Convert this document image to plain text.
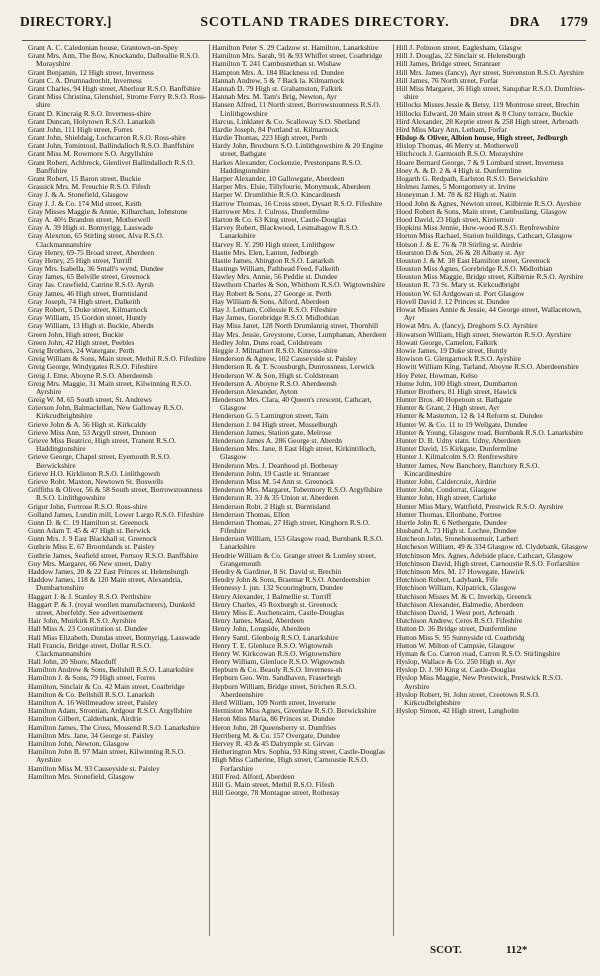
DIRECTORY.]	SCOTLAND TRADES DIRECTORY.	DRA 1779

Grant A. C. Caledonian house, Grantown-on-Spey

Grant Mrs. Ann, The Bow, Knockando, Dalbeallie R.S.O. Morayshire

Grant Benjamin, 12 High street, Inverness

Grant C. A. Drumnadrochit, Inverness

Grant Charles, 94 High street, Aberlour R.S.O. Banffshire

Grant Miss Christina, Glenshiel, Strome Ferry R.S.O. Ross-shire

Grant D. Kincraig R.S.O. Inverness-shire

Grant Duncan, Holytown R.S.O. Lanarksh

Grant John, 111 High street, Forres

Grant John, Shieldaig, Lochcarron R.S.O. Ross-shire

Grant John, Tomintoul, Ballindalloch R.S.O. Banffshire

Grant Miss M. Rowmore S.O. Argyllshire

Grant Robert, Achbreck, Glenlivet Ballindalloch R.S.O. Banffshire

Grant Robert, 15 Baron street, Buckie

Grassick Mrs. M. Freuchie R.S.O. Fifesh

Gray J. & A. Stonefield, Glasgow

Gray J. J. & Co. 174 Mid street, Keith

Gray Misses Maggie & Annie, Kilbarchan, Johnstone

Gray A. 40½ Brandon street, Motherwell

Gray A. 39 High st. Bonnyrigg, Lasswade

Gray Alexrton, 65 Stirling street, Alva R.S.O. Clackmannanshire

Gray Henry, 69-75 Broad street, Aberdeen

Gray Henry, 25 High street, Turriff

Gray Mrs. Isabella, 36 Small's wynd, Dundee

Gray James, 65 Belville street, Greenock

Gray Jas. Crawfield, Catrine R.S.O. Ayrsh

Gray James, 46 High street, Burntisland

Gray Joseph, 74 High street, Dalkeith

Gray Robert, 5 Duke street, Kilmarnock

Gray William, 15 Gordon street, Huntly

Gray William, 13 High st. Buckie, Aberdn

Green John, High street, Buckie

Green John, 42 High street, Peebles

Greig Brothers, 24 Watergate, Perth

Greig William & Sons, Main street, Methil R.S.O. Fifeshire

Greig George, Windygates R.S.O. Fifeshire

Greig J. Etne, Aboyne R.S.O. Aberdeensh

Greig Mrs. Maggie, 31 Main street, Kilwinning R.S.O. Ayrshire

Greig W. M. 65 South street, St. Andrews

Grierson John, Balmaclellan, New Galloway R.S.O. Kirkcudbrightshire

Grieve John & A. 56 High st. Kirkcaldy

Grieve Miss Ann, 53 Argyll street, Dunoon

Grieve Miss Beatrice, High street, Tranent R.S.O. Haddingtonshire

Grieve George, Chapel street, Eyemouth R.S.O. Berwickshire

Grieve H.O. Kirkliston R.S.O. Linlithgowsh

Grieve Robt. Maxton, Newtown St. Boswells

Griffiths & Oliver, 56 & 58 South street, Borrowstounness R.S.O. Linlithgowshire

Grigor John, Fortrose R.S.O. Ross-shire

Golland James, Lundin mill, Lower Largo R.S.O. Fifeshire

Gunn D. & C. 19 Hamilton st. Greenock

Gunn Adam T. 45 & 47 High st. Berwick

Gunn Mrs. J. 9 East Blackhall st. Greenock

Guthrie Miss E. 67 Broomlands st. Paisley

Guthrie James, Seafield street, Portsoy R.S.O. Banffshire

Guy Mrs. Margaret, 66 New street, Dalry

Haddow James, 20 & 22 East Princes st. Helensburgh

Haddow James, 118 & 120 Main street, Alexandria, Dumbartonshire

Haggart J. & J. Stanley R.S.O. Perthshire

Haggart P. & J. (royal woollen manufacturers), Dunkeld street, Aberfeldy. See advertisement

Hair John, Muirkirk R.S.O. Ayrshire

Hall Miss A. 23 Constitution st. Dundee

Hall Miss Elizabeth, Dundas street, Bonnyrigg, Lasswade

Hall Francis, Bridge street, Dollar R.S.O. Clackmannanshire

Hall John, 20 Shore, Macduff

Hamilton Andrew & Sons, Bellshill R.S.O. Lanarkshire

Hamilton J. & Sons, 79 High street, Forres

Hamilton, Sinclair & Co. 42 Main street, Coatbridge

Hamilton & Co. Bellshill R.S.O. Lanarksh

Hamilton A. 16 Wellmeadow street, Paisley

Hamilton Adam, Strontian, Ardgour R.S.O. Argyllshire

Hamilton Gilbert, Calderbank, Airdrie

Hamilton James, The Cross, Mossend R.S.O. Lanarkshire

Hamilton Mrs. Jane, 34 George st. Paisley

Hamilton John, Newton, Glasgow

Hamilton John B. 97 Main street, Kilwinning R.S.O. Ayrshire

Hamilton Miss M. 93 Causeyside st. Paisley

Hamilton Mrs. Stonefield, Glasgow

Hamilton Peter S. 29 Cadzow st. Hamilton, Lanarkshire

Hamilton Mrs. Sarah, 91 & 93 Whiffet street, Coatbridge

Hamilton T. 241 Cambusnethan st. Wishaw

Hampton Mrs. A. 184 Blackness rd. Dundee

Hannah Andrew, 5 & 7 Back la. Kilmarnock

Hannah D. 79 High st. Grahamston, Falkirk

Hannah Mrs. M. Tam's Brig, Newton, Ayr

Hansen Alfred, 11 North street, Borrowstounness R.S.O. Linlithgowshire

Harcus, Linklater & Co. Scalloway S.O. Shetland

Hardie Joseph, 84 Portland st. Kilmarnock

Hardie Thomas, 223 High street, Perth

Hardy John, Broxburn S.O. Linlithgowshire & 20 Engine street, Bathgate

Harkes Alexander, Cockenzie, Prestonpans R.S.O. Haddingtonshire

Harper Alexander, 10 Gallowgate, Aberdeen

Harper Mrs. Elsie, Tillyfourie, Monymusk, Aberdeen

Harper W. Drumlithie R.S.O. Kincardinesh

Harrow Thomas, 16 Cross street, Dysart R.S.O. Fifeshire

Harrower Mrs. J. Culross, Dunfermline

Harton & Co. 63 King street, Castle-Douglas

Harvey Robert, Blackwood, Lesmahagow R.S.O. Lanarkshire

Harvey R. Y. 290 High street, Linlithgow

Hastie Mrs. Elen, Lanton, Jedburgh

Hastie James, Abington R.S.O. Lanarksh

Hastings William, Pathhead Feed, Falkeith

Hawley Mrs. Annie, 56 Peddie st. Dundee

Hawthorn Charles & Son, Whithorn R.S.O. Wigtownshire

Hay Robert & Sons, 27 George st. Perth

Hay William & Sons, Alford, Aberdeen

Hay J. Letham, Collessie R.S.O. Fifeshire

Hay James, Gorebridge R.S.O. Midlothian

Hay Miss Janet, 128 North Drumlanrig street, Thornhill

Hay Mrs. Jessie, Greystone, Corse, Lumphanan, Aberdeen

Hedley John, Duns road, Coldstream

Heggie J. Milnathort R.S.O. Kinross-shire

Henderson & Agnew, 102 Causeyside st. Paisley

Henderson R. & T. Scousburgh, Dunrossness, Lerwick

Henderson W. & Son, High st. Coldstream

Henderson A. Aboyne R.S.O. Aberdeensh

Henderson Alexander, Ayton

Henderson Mrs. Clara, 40 Queen's crescent, Cathcart, Glasgow

Henderson G. 5 Lamington street, Tain

Henderson J. 84 High street, Musselburgh

Henderson James, Station gate, Melrose

Henderson James A. 286 George st. Aberdn

Henderson Mrs. Jane, 8 East High street, Kirkintilloch, Glasgow

Henderson Mrs. J. Deanhood pl. Bothesay

Henderson John, 19 Castle st. Stranraer

Henderson Miss M. 54 Ann st. Greenock

Henderson Mrs. Margaret, Tobermory R.S.O. Argyllshire

Henderson R. 33 & 35 Union st. Aberdeen

Henderson Robt. 2 High st. Burntisland

Henderson Thomas, Ellon

Henderson Thomas, 27 High street, Kinghorn R.S.O. Fifeshire

Henderson William, 153 Glasgow road, Burnbank R.S.O. Lanarkshire

Hendrie William & Co. Grange street & Lumley street, Grangemouth

Hendry & Gardiner, 8 St. David st. Brechin

Hendry John & Sons, Braemar R.S.O. Aberdeenshire

Hennessy J. jun. 132 Scouringburn, Dundee

Henry Alexander, 1 Balmellie st. Turriff

Henry Charles, 45 Roxburgh st. Greenock

Henry Miss E. Auchencairn, Castle-Douglas

Henry James, Maud, Aberdeen

Henry John, Longside, Aberdeen

Henry Saml. Glenboig R.S.O. Lanarkshire

Henry T. E. Glenluce R.S.O. Wigtownsh

Henry W. Kirkcowan R.S.O. Wigtownshire

Henry William, Glenluce R.S.O. Wigtownsh

Hepburn & Co. Beauly R.S.O. Inverness-sh

Hepburn Geo. Wm. Sandhaven, Fraserbrgh

Hepburn William, Bridge street, Strichen R.S.O. Aberdeenshire

Herd William, 109 North street, Inverurie

Hermiston Miss Agnes, Greenlaw R.S.O. Berwickshire

Heron Miss Maria, 86 Princes st. Dundee

Heron John, 28 Queensberry st. Dumfries

Herriberg M. & Co. 157 Overgate, Dundee

Hervey R. 43 & 45 Dalrymple st. Girvan

Hetherington Mrs. Sophia, 93 King street, Castle-Douglas

High Miss Catherine, High street, Carnoustie R.S.O. Forfarshire

Hill Fred. Alford, Aberdeen

Hill G. Main street, Methil R.S.O. Fifesh

Hill George, 78 Montague street, Rothesay

Hill J. Polnoon street, Eaglesham, Glasgw

Hill J. Douglas, 22 Sinclair st. Helensburgh

Hill James, Bridge street, Stranraer

Hill Mrs. James (fancy), Ayr street, Stevenston R.S.O. Ayrshire

Hill James, 76 North street, Forfar

Hill Miss Margaret, 36 High street, Sanquhar R.S.O. Dumfries-shire

Hillocks Misses Jessie & Betsy, 119 Montrose street, Brechin

Hillocks Edward, 20 Main street & 8 Cluny terrace, Buckie

Hird Alexander, 28 Keptie street & 258 High street, Arbroath

Hird Miss Mary Ann, Letham, Forfar

Hislop & Oliver, Albion house, High street, Jedburgh

Hislop Thomas, 46 Merry st. Motherwell

Hitchcock J. Garmouth R.S.O. Morayshire

Hoare Bernard George, 7 & 9 Lombard street, Inverness

Hoey A. & D. 2 & 4 High st. Dunfermline

Hogarth G. Redpath, Earlston R.S.O. Berwickshire

Holmes James, 5 Montgomery st. Irvine

Honeyman J. M. 78 & 82 High st. Nairn

Hood John & Agnes, Newton street, Kilbirnie R.S.O. Ayrshire

Hood Robert & Sons, Main street, Cambuslang, Glasgow

Hood David, 23 High street, Kirriemuir

Hopkins Miss Jennie, How-wood R.S.O. Renfrewshire

Horton Miss Rachael, Station buildings, Cathcart, Glasgow

Hotson J. & E. 76 & 78 Stirling st. Airdrie

Hourston D.& Son, 26 & 28 Albany st. Ayr

Houston J. & M. 38 East Hamilton street, Greenock

Houston Miss Agnes, Gorebridge R.S.O. Midlothian

Houston Miss Maggie, Bridge street, Kilbirnie R.S.O. Ayrshire

Houston R. 73 St. Mary st. Kirkcudbright

Houston W. 63 Ardgowan st. Port Glasgow

Hovell David J. 12 Princes st. Dundee

Howat Misses Annie & Jessie, 44 George street, Wallacetown, Ayr

Howat Mrs. A. (fancy), Dreghorn S.O. Ayrshire

Howatson William, High street, Stewarton R.S.O. Ayrshire

Howatt George, Camelon, Falkirk

Howie James, 19 Duke street, Huntly

Howison G. Glengarnock R.S.O. Ayrshire

Howitt William King, Tarland, Aboyne R.S.O. Aberdeenshire

Hoy Peter, Howman, Kelso

Hume John, 100 High street, Dumbarton

Hunter Brothers, 81 High street, Hawick

Hunter Bros. 40 Hopetoun st. Bathgate

Hunter & Grant, 2 High street, Ayr

Hunter & Masterton, 12 & 14 Reform st. Dundee

Hunter W. & Co. 11 to 19 Wellgate, Dundee

Hunter & Young, Glasgow road, Burnbank R.S.O. Lanarkshire

Hunter D. B. Udny statn. Udny, Aberdeen

Hunter David, 15 Kirkgate, Dunfermline

Hunter J. Kilmalcolm S.O. Renfrewshire

Hunter James, New Banchory, Banchory R.S.O. Kincardineshire

Hunter John, Caldercruix, Airdrie

Hunter John, Condorrat, Glasgow

Hunter John, High street, Carluke

Hunter Miss Mary, Wattfield, Prestwick R.S.O. Ayrshire

Hunter Thomas, Ellonbane, Portree

Hurrle John R. 6 Nethergate, Dundee

Husband A. 73 High st. Lochee, Dundee

Hutcheon John, Stonehousemuir, Larbert

Hutcheson William, 49 & 334 Glasgow rd. Clydebank, Glasgow

Hutchinson Mrs. Agnes, Adelside place, Cathcart, Glasgow

Hutchinson David, High street, Carnoustie R.S.O. Forfarshire

Hutchinson Mrs. M. 17 Howegate, Hawick

Hutchison Robert, Ladybank, Fife

Hutchison William, Kilpatrick, Glasgow

Hutchison Misses M. & C. Inverkip, Greenck

Hutchison Alexander, Balmedie, Aberdeen

Hutchison David, 1 West port, Arbroath

Hutchison Andrew, Ceres R.S.O. Fifeshire

Hutton D. 36 Bridge street, Dunfermline

Hutton Miss S. 95 Sunnyside rd. Coatbridg

Hutton W. Milton of Campsie, Glasgow

Hyman & Co. Carron road, Carron R.S.O. Stirlingshire

Hyslop, Wallace & Co. 250 High st. Ayr

Hyslop D. J. 90 King st. Castle-Douglas

Hyslop Miss Maggie, New Prestwick, Prestwick R.S.O. Ayrshire

Hyslop Robert, St. John street, Creetown R.S.O. Kirkcudbrightshire

Hyslop Simon, 42 High street, Langholm

SCOT.	112*
